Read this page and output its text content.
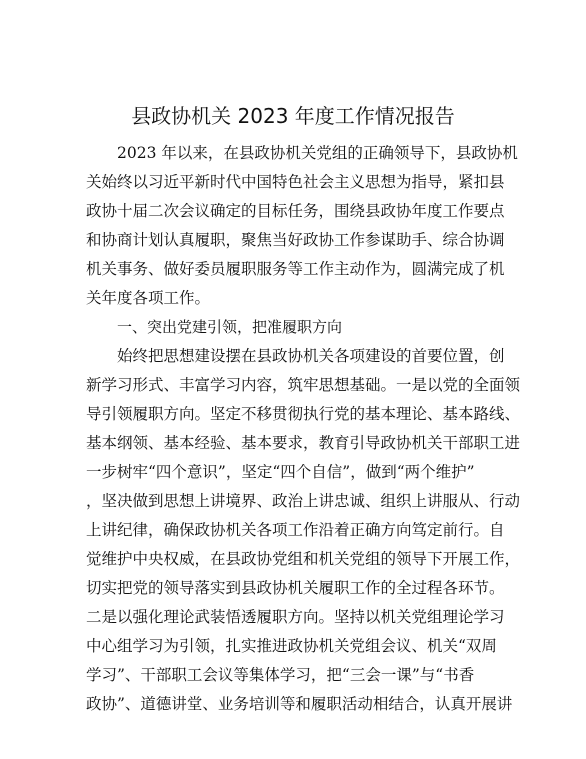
县政协机关 2023 年度工作情况报告
2023 年以来，在县政协机关党组的正确领导下，县政协机
关始终以习近平新时代中国特色社会主义思想为指导，紧扣县
政协十届二次会议确定的目标任务，围绕县政协年度工作要点
和协商计划认真履职，聚焦当好政协工作参谋助手、综合协调
机关事务、做好委员履职服务等工作主动作为，圆满完成了机
关年度各项工作。
一、突出党建引领，把准履职方向
始终把思想建设摆在县政协机关各项建设的首要位置，创
新学习形式、丰富学习内容，筑牢思想基础。一是以党的全面领
导引领履职方向。坚定不移贯彻执行党的基本理论、基本路线、
基本纲领、基本经验、基本要求，教育引导政协机关干部职工进
一步树牢“四个意识”，坚定“四个自信”，做到“两个维护”
，坚决做到思想上讲境界、政治上讲忠诚、组织上讲服从、行动
上讲纪律，确保政协机关各项工作沿着正确方向笃定前行。自
觉维护中央权威，在县政协党组和机关党组的领导下开展工作，
切实把党的领导落实到县政协机关履职工作的全过程各环节。
二是以强化理论武装悟透履职方向。坚持以机关党组理论学习
中心组学习为引领，扎实推进政协机关党组会议、机关“双周
学习”、干部职工会议等集体学习，把“三会一课”与“书香
政协”、道德讲堂、业务培训等和履职活动相结合，认真开展讲
